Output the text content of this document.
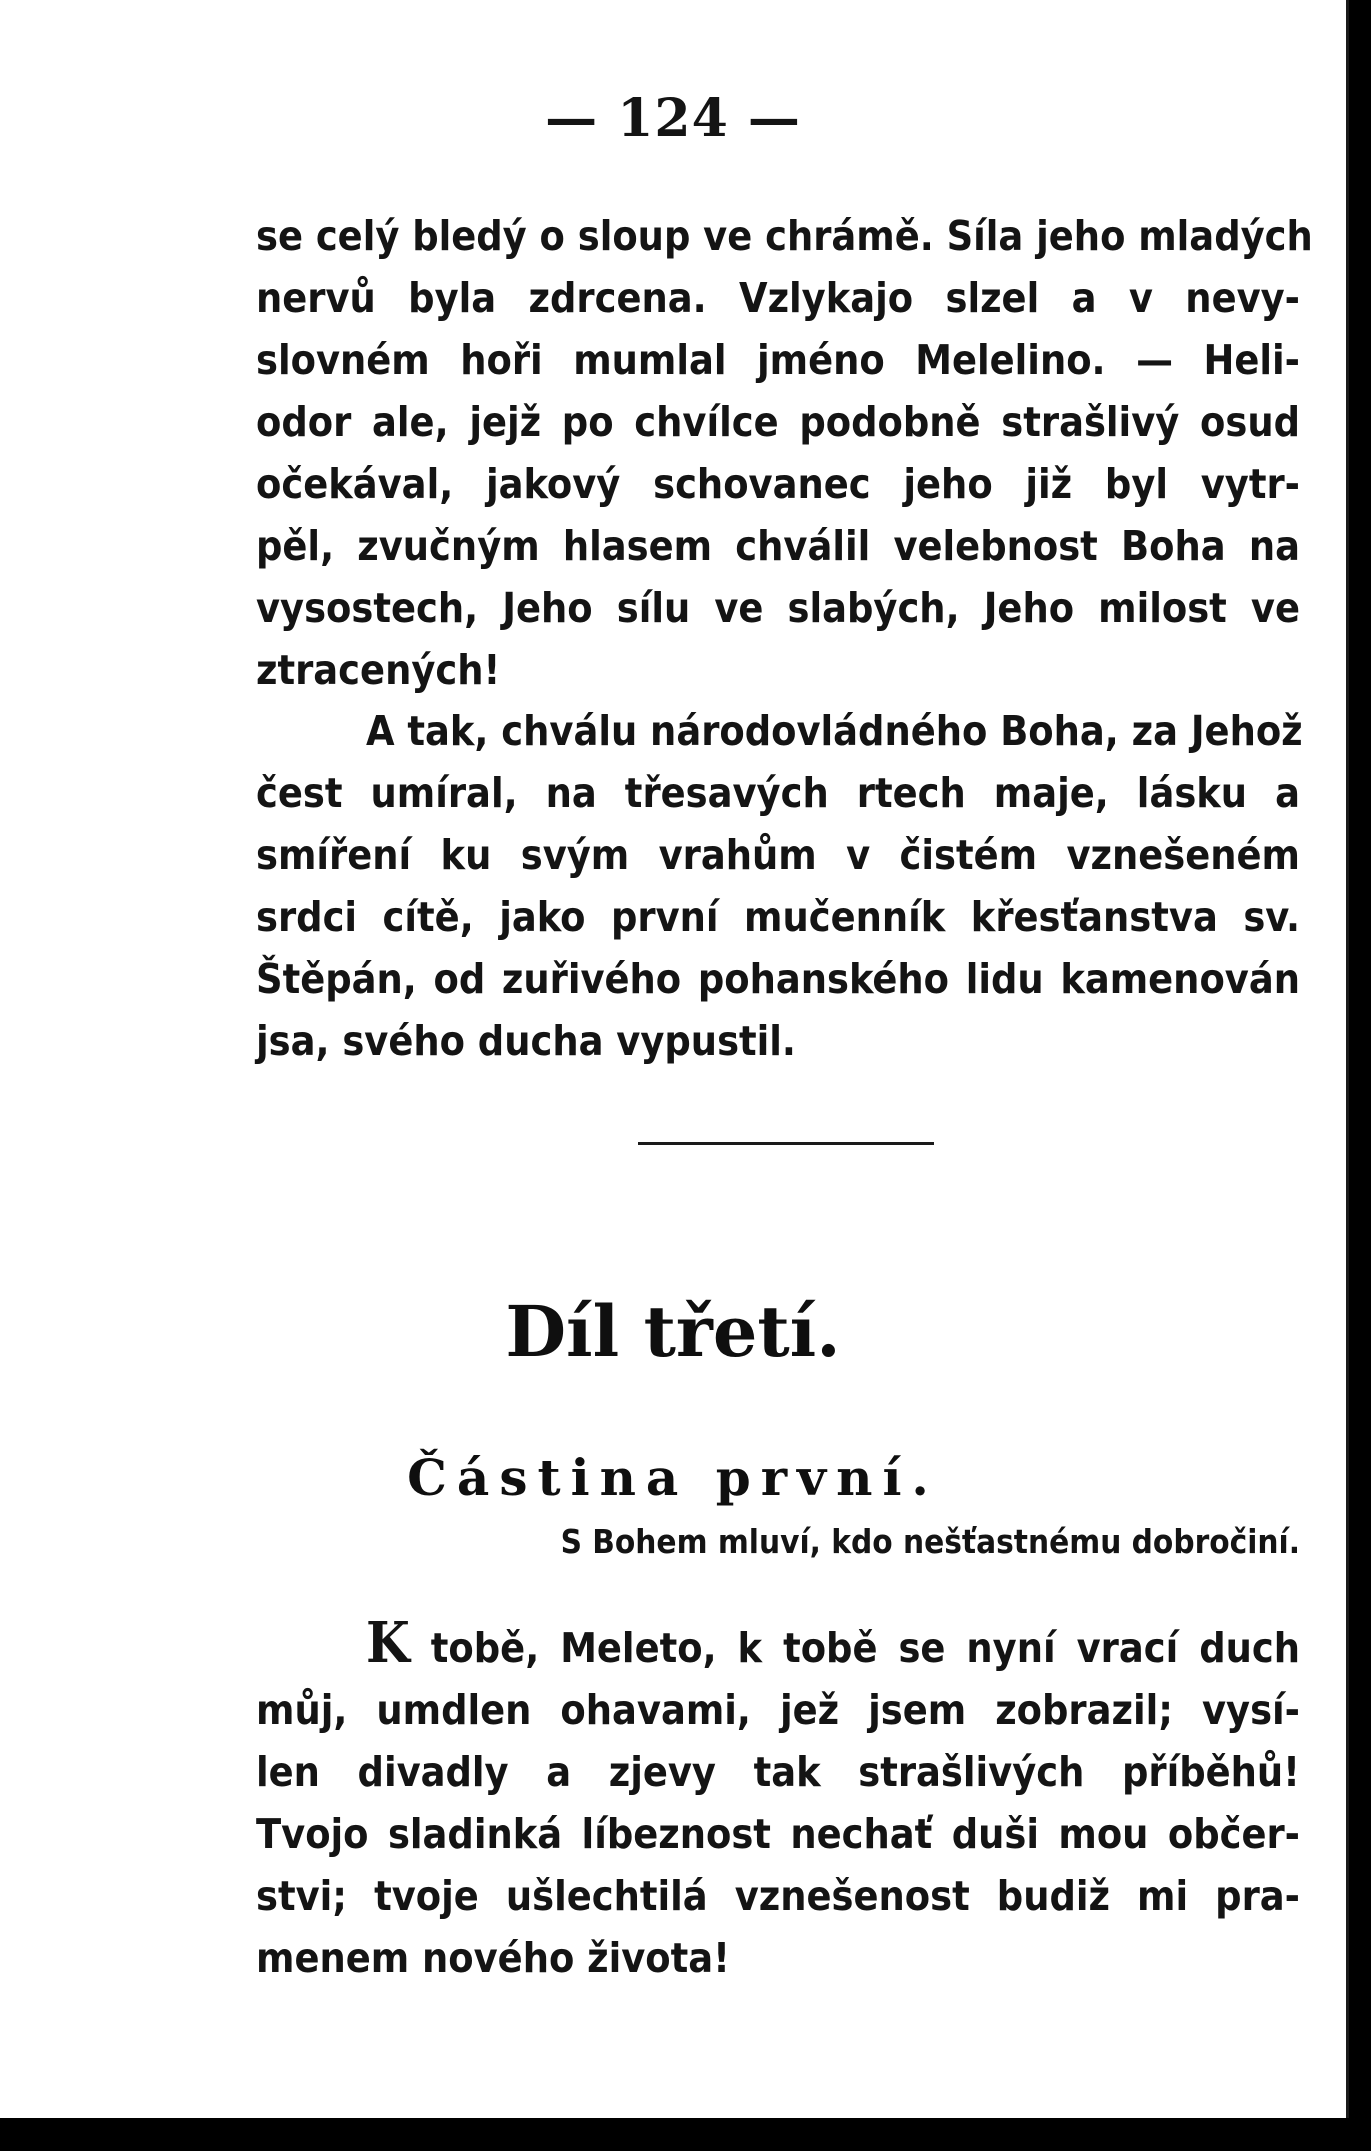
— 124 —
se celý bledý o sloup ve chrámě. Síla jeho mladých
nervů byla zdrcena. Vzlykajo slzel a v nevy-
slovném hoři mumlal jméno Melelino. — Heli-
odor ale, jejž po chvílce podobně strašlivý osud
očekával, jakový schovanec jeho již byl vytr-
pěl, zvučným hlasem chválil velebnost Boha na
vysostech, Jeho sílu ve slabých, Jeho milost ve
ztracených!
A tak, chválu národovládného Boha, za Jehož
čest umíral, na třesavých rtech maje, lásku a
smíření ku svým vrahům v čistém vznešeném
srdci cítě, jako první mučenník křesťanstva sv.
Štěpán, od zuřivého pohanského lidu kamenován
jsa, svého ducha vypustil.
Díl třetí.
Částina první.
S Bohem mluví, kdo nešťastnému dobročiní.
K tobě, Meleto, k tobě se nyní vrací duch
můj, umdlen ohavami, jež jsem zobrazil; vysí-
len divadly a zjevy tak strašlivých příběhů!
Tvojo sladinká líbeznost nechať duši mou občer-
stvi; tvoje ušlechtilá vznešenost budiž mi pra-
menem nového života!
